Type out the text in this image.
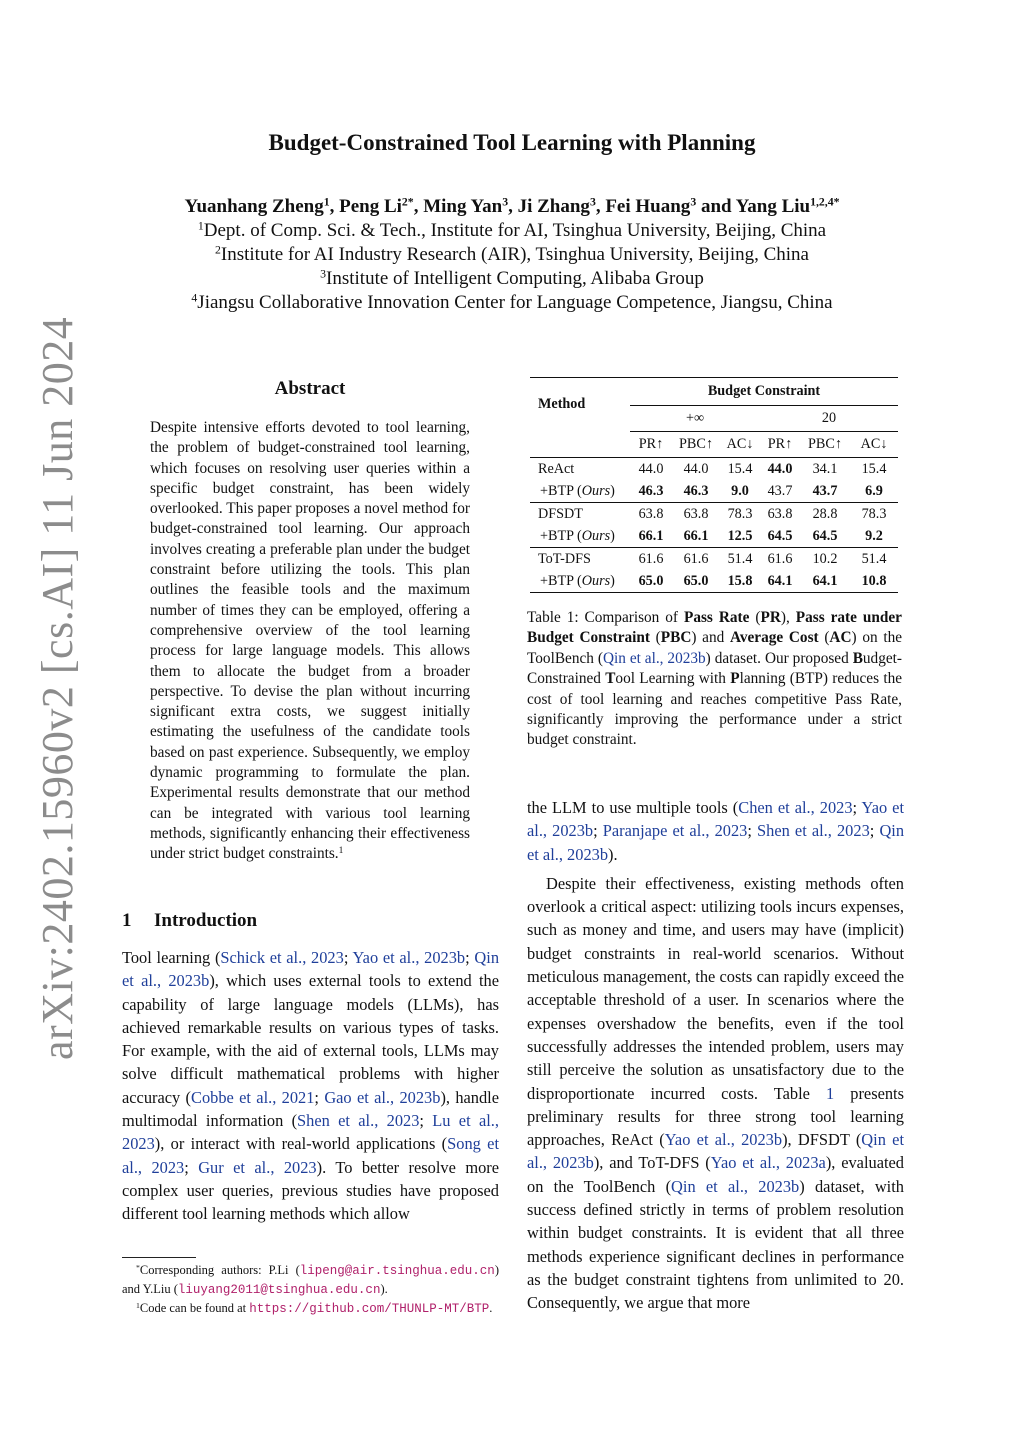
arXiv:2402.15960v2 [cs.AI] 11 Jun 2024
Budget-Constrained Tool Learning with Planning
Yuanhang Zheng$^1$, Peng $Li^{2*}$, Ming Yan$^3$, Ji Zhang$^3$, Fei Huang$^3$ and Yang Liu$^{1,2,4*}$
$^1$Dept. of Comp. Sci. & Tech., Institute for AI, Tsinghua University, Beijing, China
$^2$Institute for AI Industry Research (AIR), Tsinghua University, Beijing, China
$^3$Institute of Intelligent Computing, Alibaba Group
$^4$Jiangsu Collaborative Innovation Center for Language Competence, Jiangsu, China
Abstract
Despite intensive efforts devoted to tool learning, the problem of budget-constrained tool learning, which focuses on resolving user queries within a specific budget constraint, has been widely overlooked. This paper proposes a novel method for budget-constrained tool learning. Our approach involves creating a preferable plan under the budget constraint before utilizing the tools. This plan outlines the feasible tools and the maximum number of times they can be employed, offering a comprehensive overview of the tool learning process for large language models. This allows them to allocate the budget from a broader perspective. To devise the plan without incurring significant extra costs, we suggest initially estimating the usefulness of the candidate tools based on past experience. Subsequently, we employ dynamic programming to formulate the plan. Experimental results demonstrate that our method can be integrated with various tool learning methods, significantly enhancing their effectiveness under strict budget constraints.$^1$
1 Introduction
Tool learning (Schick et al., 2023; Yao et al., 2023b; Qin et al., 2023b), which uses external tools to extend the capability of large language models (LLMs), has achieved remarkable results on various types of tasks. For example, with the aid of external tools, LLMs may solve difficult mathematical problems with higher accuracy (Cobbe et al., 2021; Gao et al., 2023b), handle multimodal information (Shen et al., 2023; Lu et al., 2023), or interact with real-world applications (Song et al., 2023; Gur et al., 2023). To better resolve more complex user queries, previous studies have proposed different tool learning methods which allow

*Corresponding authors: P.Li (lipeng@air.tsinghua.edu.cn) and Y.Liu (liuyang2011@tsinghua.edu.cn).

$^1$Code can be found at https://github.com/THUNLP-MT/BTP.

Method	Budget Constraint					
	+∞			20		
	PR↑	PBC↑	AC↓	PR↑	PBC↑	AC↓
ReAct	44.0	44.0	15.4	44.0	34.1	15.4
+BTP (Ours)	46.3	46.3	9.0	43.7	43.7	6.9
DFSDT	63.8	63.8	78.3	63.8	28.8	78.3
+BTP (Ours)	66.1	66.1	12.5	64.5	64.5	9.2
ToT-DFS	61.6	61.6	51.4	61.6	10.2	51.4
+BTP (Ours)	65.0	65.0	15.8	64.1	64.1	10.8
Table 1: Comparison of Pass Rate (PR), Pass rate under Budget Constraint (PBC) and Average Cost (AC) on the ToolBench (Qin et al., 2023b) dataset. Our proposed Budget-Constrained Tool Learning with Planning (BTP) reduces the cost of tool learning and reaches competitive Pass Rate, significantly improving the performance under a strict budget constraint.

the LLM to use multiple tools (Chen et al., 2023; Yao et al., 2023b; Paranjape et al., 2023; Shen et al., 2023; Qin et al., 2023b).

Despite their effectiveness, existing methods often overlook a critical aspect: utilizing tools incurs expenses, such as money and time, and users may have (implicit) budget constraints in real-world scenarios. Without meticulous management, the costs can rapidly exceed the acceptable threshold of a user. In scenarios where the expenses overshadow the benefits, even if the tool successfully addresses the intended problem, users may still perceive the solution as unsatisfactory due to the disproportionate incurred costs. Table 1 presents preliminary results for three strong tool learning approaches, ReAct (Yao et al., 2023b), DFSDT (Qin et al., 2023b), and ToT-DFS (Yao et al., 2023a), evaluated on the ToolBench (Qin et al., 2023b) dataset, with success defined strictly in terms of problem resolution within budget constraints. It is evident that all three methods experience significant declines in performance as the budget constraint tightens from unlimited to 20. Consequently, we argue that more
